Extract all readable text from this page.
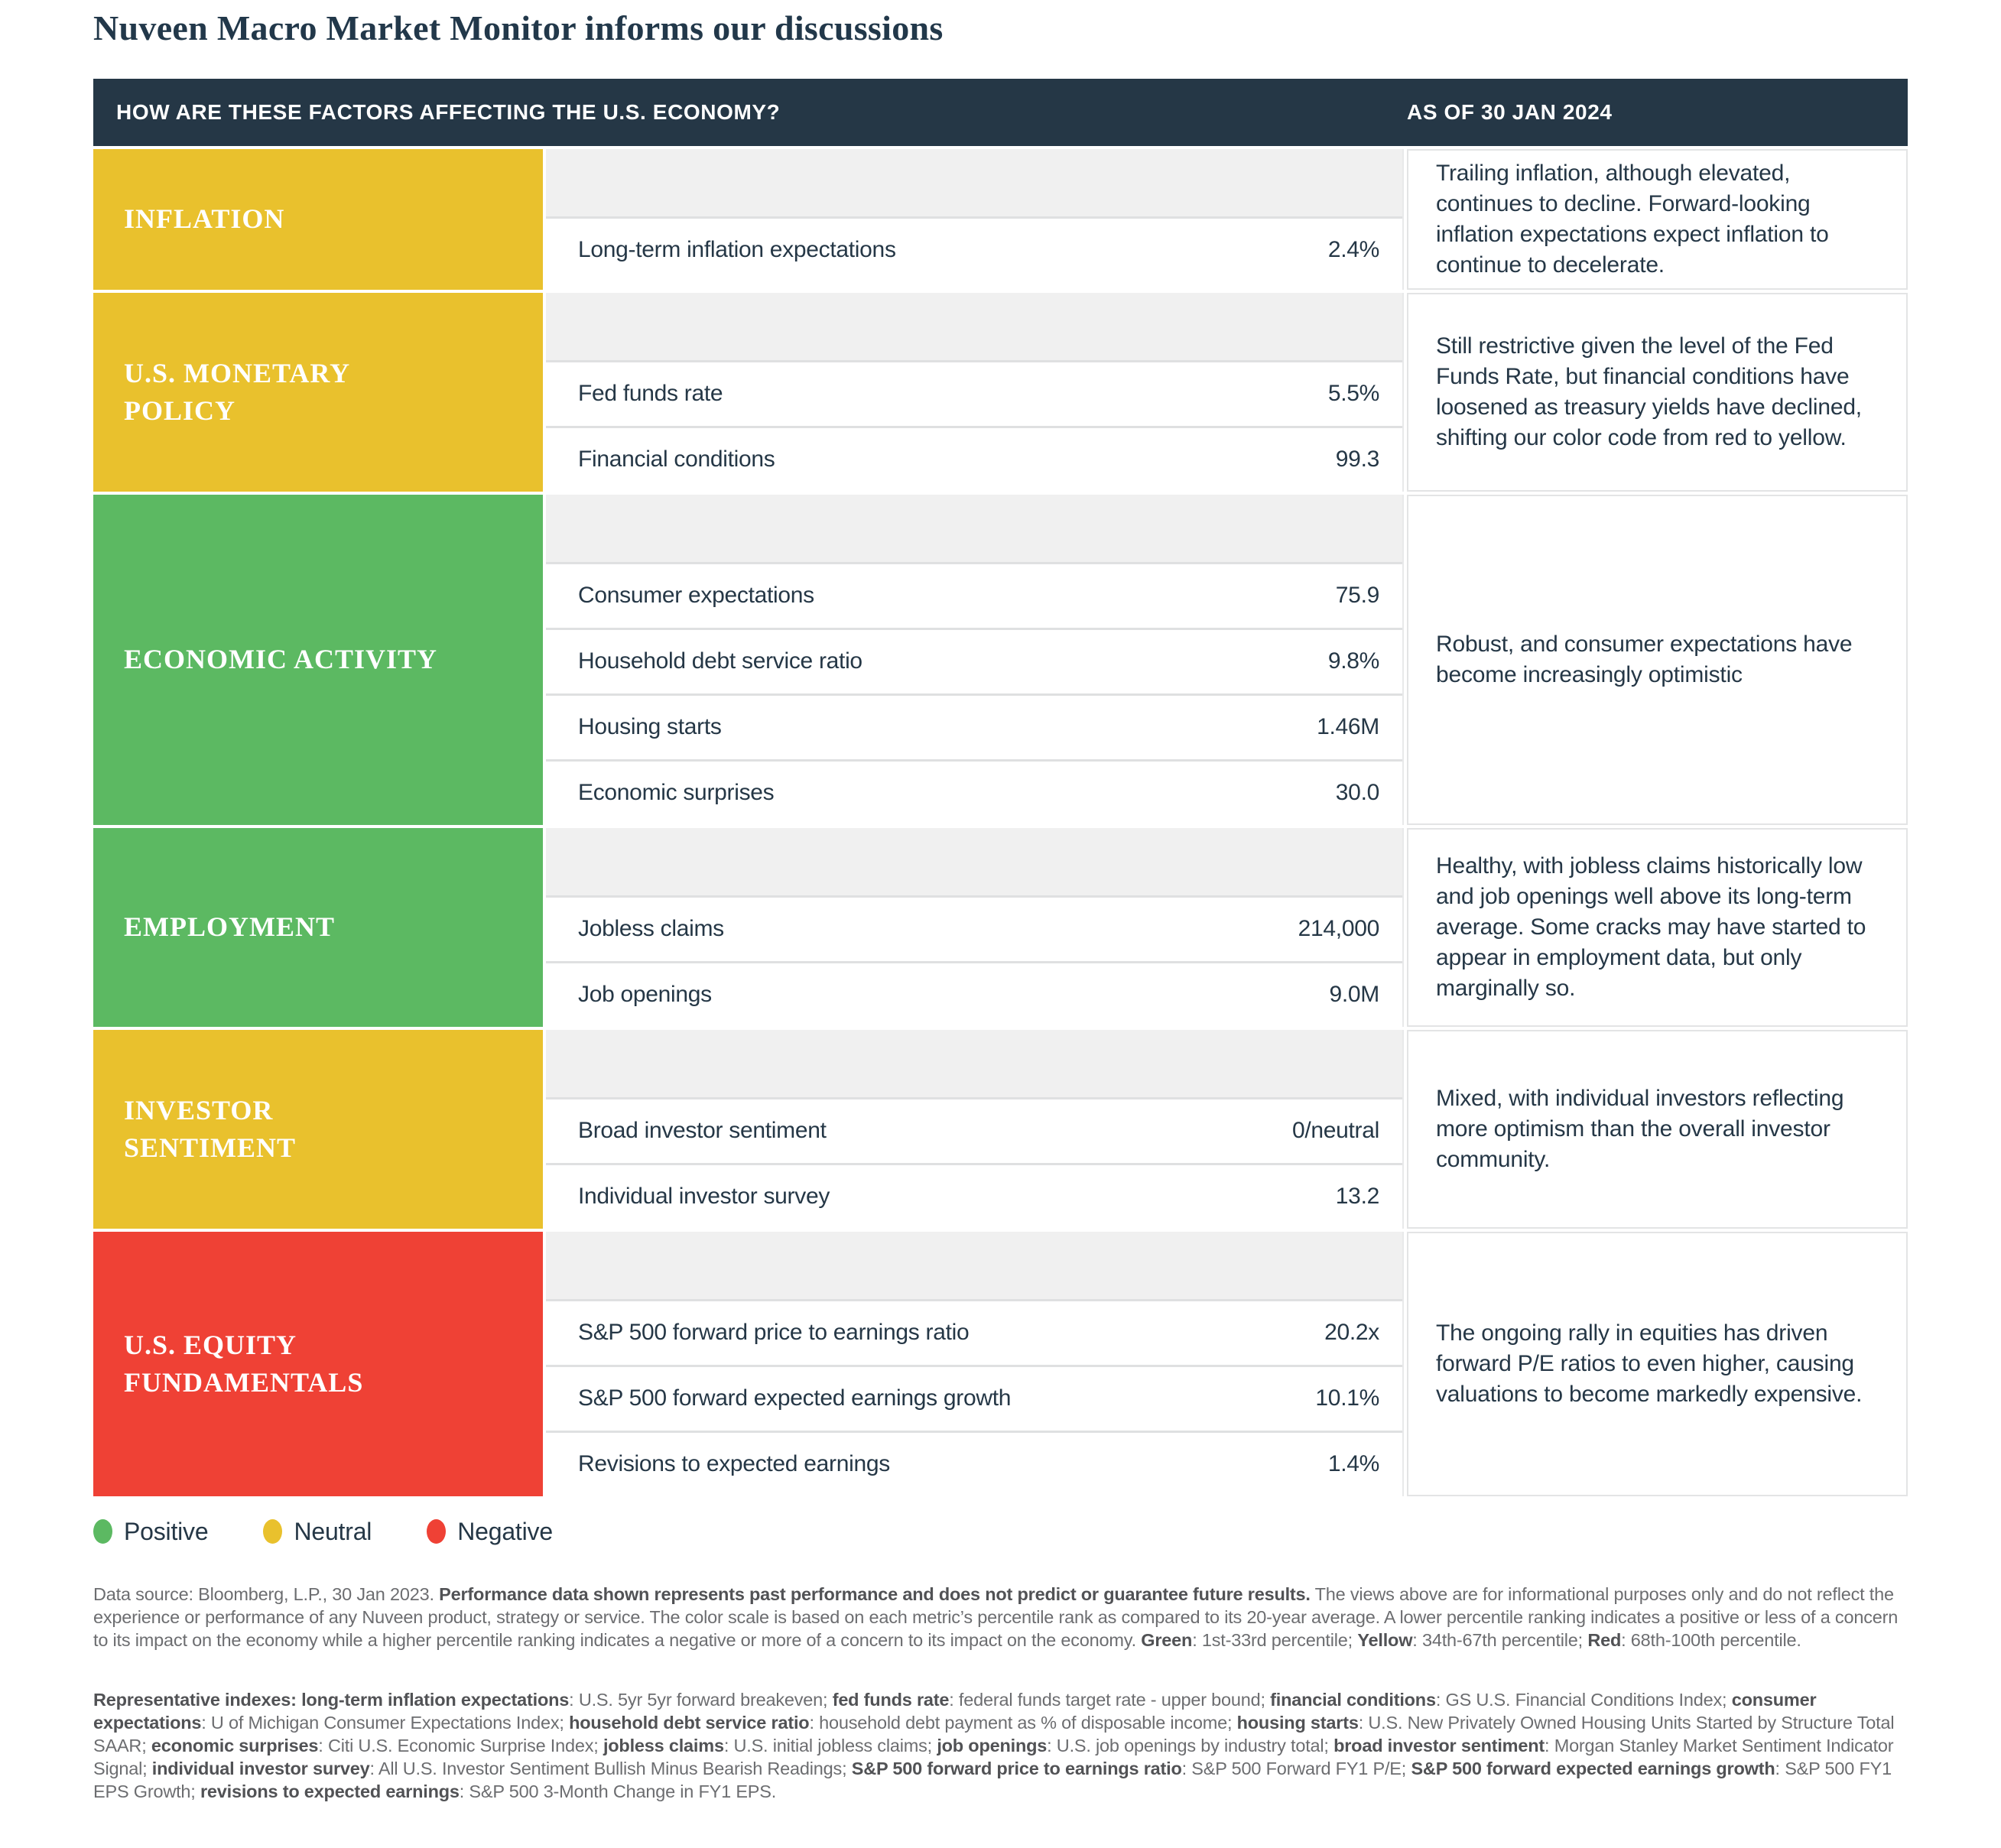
Nuveen Macro Market Monitor informs our discussions
HOW ARE THESE FACTORS AFFECTING THE U.S. ECONOMY?	AS OF 30 JAN 2024
INFLATION
Long-term inflation expectations	2.4%

Trailing inflation, although elevated, continues to decline. Forward-looking inflation expectations expect inflation to continue to decelerate.

U.S. MONETARY POLICY
Fed funds rate	5.5%
Financial conditions	99.3

Still restrictive given the level of the Fed Funds Rate, but financial conditions have loosened as treasury yields have declined, shifting our color code from red to yellow.

ECONOMIC ACTIVITY
Consumer expectations	75.9
Household debt service ratio	9.8%
Housing starts	1.46M
Economic surprises	30.0

Robust, and consumer expectations have become increasingly optimistic

EMPLOYMENT	Jobless claims	214,000
Job openings	9.0M

Healthy, with jobless claims historically low and job openings well above its long-term average. Some cracks may have started to appear in employment data, but only marginally so.

INVESTOR SENTIMENT
Broad investor sentiment	0/neutral
Individual investor survey	13.2

Mixed, with individual investors reflecting more optimism than the overall investor community.

U.S. EQUITY FUNDAMENTALS
S&P 500 forward price to earnings ratio	20.2x
S&P 500 forward expected earnings growth	10.1%
Revisions to expected earnings	1.4%

The ongoing rally in equities has driven forward P/E ratios to even higher, causing valuations to become markedly expensive.

Positive	Neutral	Negative

Data source: Bloomberg, L.P., 30 Jan 2023. Performance data shown represents past performance and does not predict or guarantee future results. The views above are for informational purposes only and do not reflect the experience or performance of any Nuveen product, strategy or service. The color scale is based on each metric’s percentile rank as compared to its 20-year average. A lower percentile ranking indicates a positive or less of a concern to its impact on the economy while a higher percentile ranking indicates a negative or more of a concern to its impact on the economy. Green: 1st-33rd percentile; Yellow: 34th-67th percentile; Red: 68th-100th percentile.

Representative indexes: long-term inflation expectations: U.S. 5yr 5yr forward breakeven; fed funds rate: federal funds target rate - upper bound; financial conditions: GS U.S. Financial Conditions Index; consumer expectations: U of Michigan Consumer Expectations Index; household debt service ratio: household debt payment as % of disposable income; housing starts: U.S. New Privately Owned Housing Units Started by Structure Total SAAR; economic surprises: Citi U.S. Economic Surprise Index; jobless claims: U.S. initial jobless claims; job openings: U.S. job openings by industry total; broad investor sentiment: Morgan Stanley Market Sentiment Indicator Signal; individual investor survey: All U.S. Investor Sentiment Bullish Minus Bearish Readings; S&P 500 forward price to earnings ratio: S&P 500 Forward FY1 P/E; S&P 500 forward expected earnings growth: S&P 500 FY1 EPS Growth; revisions to expected earnings: S&P 500 3-Month Change in FY1 EPS.
